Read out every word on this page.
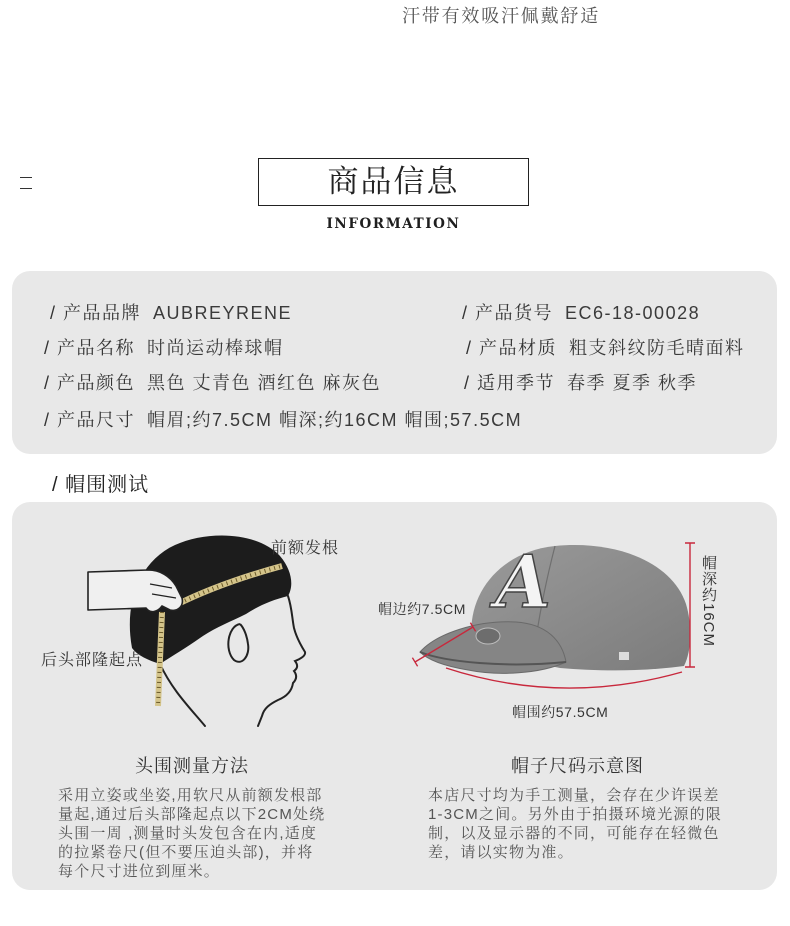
汗带有效吸汗佩戴舒适
商品信息
INFORMATION
/ 产品品牌 AUBREYRENE
/ 产品名称 时尚运动棒球帽
/ 产品颜色 黑色 丈青色 酒红色 麻灰色
/ 产品尺寸 帽眉;约7.5CM 帽深;约16CM 帽围;57.5CM
/ 产品货号 EC6-18-00028
/ 产品材质 粗支斜纹防毛晴面料
/ 适用季节 春季 夏季 秋季
/ 帽围测试
A
前额发根
后头部隆起点
帽边约7.5CM	帽深约16CM
帽围约57.5CM
头围测量方法	帽子尺码示意图
采用立姿或坐姿,用软尺从前额发根部
量起,通过后头部隆起点以下2CM处绕
头围一周 ,测量时头发包含在内,适度
的拉紧卷尺(但不要压迫头部)，并将
每个尺寸进位到厘米。
本店尺寸均为手工测量，会存在少许误差
1-3CM之间。另外由于拍摄环境光源的限
制，以及显示器的不同，可能存在轻微色
差，请以实物为准。
